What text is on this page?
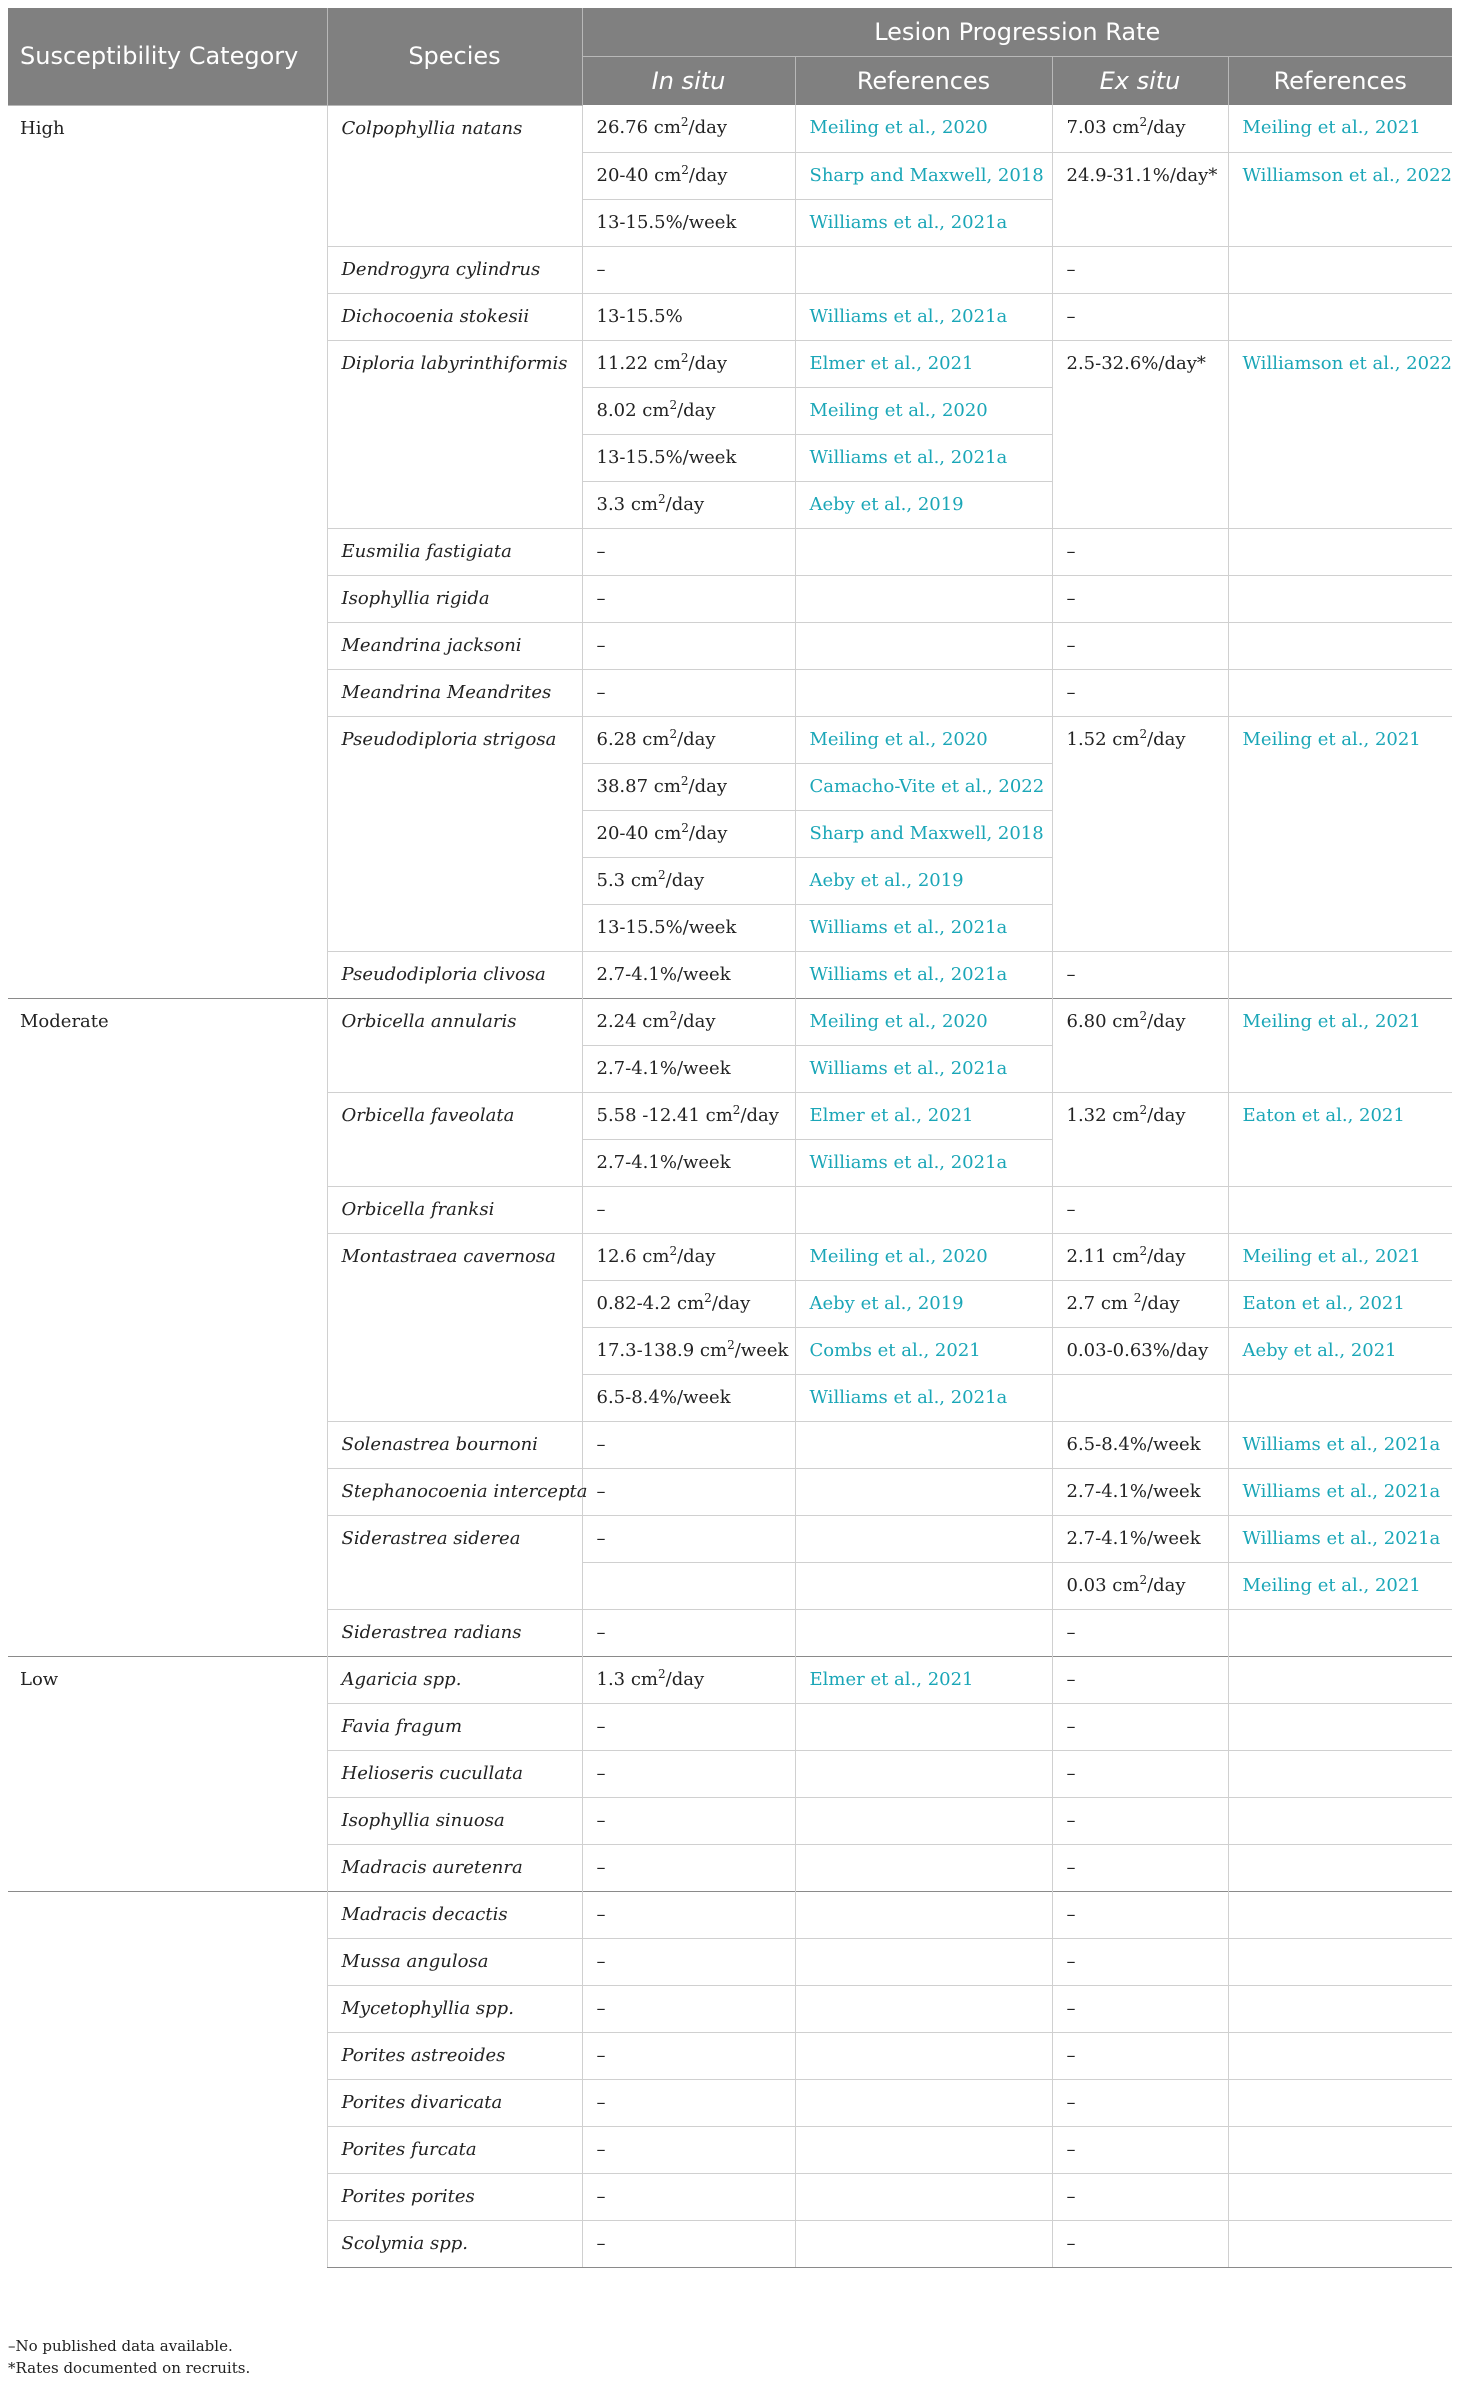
Susceptibility Category	Species	Lesion Progression Rate			
		In situ	References	Ex situ	References
High	Colpophyllia natans	26.76 $cm^2$/day	Meiling et al., 2020	7.03 $cm^2$/day	Meiling et al., 2021
		20-40 $cm^2$/day	Sharp and Maxwell, 2018	24.9-31.1%/day*	Williamson et al., 2022
		13-15.5%/week	Williams et al., 2021a		
	Dendrogyra cylindrus	–		–	
	Dichocoenia stokesii	13-15.5%	Williams et al., 2021a	–	
	Diploria labyrinthiformis	11.22 $cm^2$/day	Elmer et al., 2021	2.5-32.6%/day*	Williamson et al., 2022
		8.02 $cm^2$/day	Meiling et al., 2020		
		13-15.5%/week	Williams et al., 2021a		
		3.3 $cm^2$/day	Aeby et al., 2019		
	Eusmilia fastigiata	–		–	
	Isophyllia rigida	–		–	
	Meandrina jacksoni	–		–	
	Meandrina Meandrites	–		–	
	Pseudodiploria strigosa	6.28 $cm^2$/day	Meiling et al., 2020	1.52 $cm^2$/day	Meiling et al., 2021
		38.87 $cm^2$/day	Camacho-Vite et al., 2022		
		20-40 $cm^2$/day	Sharp and Maxwell, 2018		
		5.3 $cm^2$/day	Aeby et al., 2019		
		13-15.5%/week	Williams et al., 2021a		
	Pseudodiploria clivosa	2.7-4.1%/week	Williams et al., 2021a	–	
Moderate	Orbicella annularis	2.24 $cm^2$/day	Meiling et al., 2020	6.80 $cm^2$/day	Meiling et al., 2021
		2.7-4.1%/week	Williams et al., 2021a		
	Orbicella faveolata	5.58 -12.41 $cm^2$/day	Elmer et al., 2021	1.32 $cm^2$/day	Eaton et al., 2021
		2.7-4.1%/week	Williams et al., 2021a		
	Orbicella franksi	–		–	
	Montastraea cavernosa	12.6 $cm^2$/day	Meiling et al., 2020	2.11 $cm^2$/day	Meiling et al., 2021
		0.82-4.2 $cm^2$/day	Aeby et al., 2019	2.7 cm $^2$/day	Eaton et al., 2021
		17.3-138.9 $cm^2$/week	Combs et al., 2021	0.03-0.63%/day	Aeby et al., 2021
		6.5-8.4%/week	Williams et al., 2021a		
	Solenastrea bournoni	–		6.5-8.4%/week	Williams et al., 2021a
	Stephanocoenia intercepta	–		2.7-4.1%/week	Williams et al., 2021a
	Siderastrea siderea	–		2.7-4.1%/week	Williams et al., 2021a
				0.03 $cm^2$/day	Meiling et al., 2021
	Siderastrea radians	–		–	
Low	Agaricia spp.	1.3 $cm^2$/day	Elmer et al., 2021	–	
	Favia fragum	–		–	
	Helioseris cucullata	–		–	
	Isophyllia sinuosa	–		–	
	Madracis auretenra	–		–	
	Madracis decactis	–		–	
	Mussa angulosa	–		–	
	Mycetophyllia spp.	–		–	
	Porites astreoides	–		–	
	Porites divaricata	–		–	
	Porites furcata	–		–	
	Porites porites	–		–	
	Scolymia spp.	–		–	
–No published data available.
*Rates documented on recruits.
